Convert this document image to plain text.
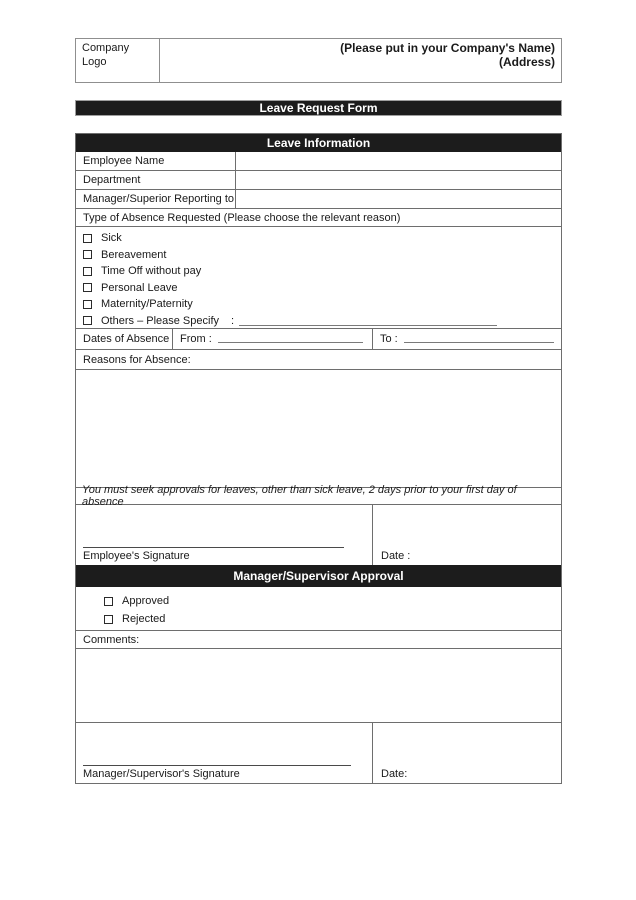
Company Logo
(Please put in your Company's Name)
(Address)
Leave Request Form
Leave Information
Employee Name
Department
Manager/Superior Reporting to
Type of Absence Requested (Please choose the relevant reason)
Sick
Bereavement
Time Off without pay
Personal Leave
Maternity/Paternity
Others – Please Specify :
Dates of Absence From :	To :
Reasons for Absence:
You must seek approvals for leaves, other than sick leave, 2 days prior to your first day of absence
Employee's Signature	Date :
Manager/Supervisor Approval
Approved
Rejected
Comments:
Manager/Supervisor's Signature	Date:
